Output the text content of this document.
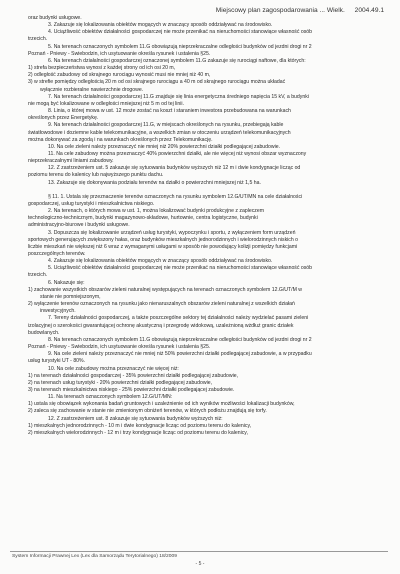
Miejscowy plan zagospodarowania ... Wielk. 2004.49.1
oraz budynki usługowe.
3. Zakazuje się lokalizowania obiektów mogących w znaczący sposób oddziaływać na środowisko.
4. Uciążliwość obiektów działalności gospodarczej nie może przenikać na nieruchomości stanowiące własność osób
trzecich.
5. Na terenach oznaczonych symbolem 11.G obowiązują nieprzekraczalne odległości budynków od jezdni drogi nr 2
Poznań - Pniewy - Świebodzin, ich usytuowanie określa rysunek i ustalenia §25.
6. Na terenach działalności gospodarczej oznaczonej symbolem 11.G zakazuje się rurociągi naftowe, dla których:
1) strefa bezpieczeństwa wynosi z każdej strony od ich osi 20 m,
2) odległość zabudowy od skrajnego rurociągu wynosić musi nie mniej niż 40 m,
3) w strefie pomiędzy odległością 20 m od osi skrajnego rurociągu a 40 m od skrajnego rurociągu można układać
wyłącznie rozbieralne nawierzchnie drogowe.
7. Na terenach działalności gospodarczej 11.G znajduje się linia energetyczna średniego napięcia 15 kV, a budynki
nie mogą być lokalizowane w odległości mniejszej niż 5 m od tej linii.
8. Linia, o której mowa w ust. 12 może zostać na koszt i staraniem inwestora przebudowana na warunkach
określonych przez Energetykę.
9. Na terenach działalności gospodarczej 11.G, w miejscach określonych na rysunku, przebiegają kable
światłowodowe i doziemne kable telekomunikacyjne, a wszelkich zmian w otoczeniu urządzeń telekomunikacyjnych
można dokonywać za zgodą i na warunkach określonych przez Telekomunikację.
10. Na cele zieleni należy przeznaczyć nie mniej niż 20% powierzchni działki podlegającej zabudowie.
11. Na cele zabudowy można przeznaczyć 40% powierzchni działki, ale nie więcej niż wynosi obszar wyznaczony
nieprzekraczalnymi liniami zabudowy.
12. Z zastrzeżeniem ust. 5 zakazuje się sytuowania budynków wyższych niż 12 m i dwie kondygnacje licząc od
poziomu terenu do kalenicy lub najwyższego punktu dachu.
13. Zakazuje się dokonywania podziału terenów na działki o powierzchni mniejszej niż 1,5 ha.
§ 11. 1. Ustala się przeznaczenie terenów oznaczonych na rysunku symbolem 12.G/UT/MN na cele działalności
gospodarczej, usług turystyki i mieszkalnictwa niskiego.
2. Na terenach, o których mowa w ust. 1, można lokalizować budynki produkcyjne z zapleczem
technologiczno-technicznym, budynki magazynowo-składowe, hurtownie, centra logistyczne, budynki
administracyjno-biurowe i budynki usługowe.
3. Dopuszcza się lokalizowanie urządzeń usług turystyki, wypoczynku i sportu, z wyłączeniem form urządzeń
sportowych generujących zwiększony hałas, oraz budynków mieszkalnych jednorodzinnych i wielorodzinnych niskich o
liczbie mieszkań nie większej niż 6 wraz z wymaganymi usługami w sposób nie powodujący kolizji pomiędzy funkcjami
poszczególnych terenów.
4. Zakazuje się lokalizowania obiektów mogących w znaczący sposób oddziaływać na środowisko.
5. Uciążliwość obiektów działalności gospodarczej nie może przenikać na nieruchomości stanowiące własność osób
trzecich.
6. Nakazuje się:
1) zachowanie wszystkich obszarów zieleni naturalnej występujących na terenach oznaczonych symbolem 12.G/UT/M w
stanie nie pomniejszonym,
2) wyłączenie terenów oznaczonych na rysunku jako nienaruszalnych obszarów zieleni naturalnej z wszelkich działań
inwestycyjnych.
7. Tereny działalności gospodarczej, a także poszczególne sektory tej działalności należy wydzielać pasami zieleni
izolacyjnej o szerokości gwarantującej ochronę akustyczną i przegrodę widokową, uzależnioną wżdłuż granic działek
budowlanych.
8. Na terenach oznaczonych symbolem 11.G obowiązują nieprzekraczalne odległości budynków od jezdni drogi nr 2
Poznań - Pniewy - Świebodzin, ich usytuowanie określa rysunek i ustalenia §25.
9. Na cele zieleni należy przeznaczyć nie mniej niż 50% powierzchni działki podlegającej zabudowie, a w przypadku
usług turystyki UT - 80%.
10. Na cele zabudowy można przeznaczyć nie więcej niż:
1) na terenach działalności gospodarczej - 35% powierzchni działki podlegającej zabudowie,
2) na terenach usług turystyki - 20% powierzchni działki podlegającej zabudowie,
3) na terenach mieszkalnictwa niskiego - 25% powierzchni działki podlegającej zabudowie.
11. Na terenach oznaczonych symbolem 12.G/UT/MN:
1) ustala się obowiązek wykonania badań gruntowych i uzależnienie od ich wyników możliwości lokalizacji budynków,
2) zaleca się zachowanie w stanie nie zmienionym obniżeń terenów, w których podłożu znajdują się torfy.
12. Z zastrzeżeniem ust. 8 zakazuje się sytuowania budynków wyższych niż:
1) mieszkalnych jednorodzinnych - 10 m i dwie kondygnacje licząc od poziomu terenu do kalenicy,
2) mieszkalnych wielorodzinnych - 12 m i trzy kondygnacje licząc od poziomu terenu do kalenicy,
System Informacji Prawnej Lex (Lex dla Samorządu Terytorialnego) 18/2009
- 5 -
